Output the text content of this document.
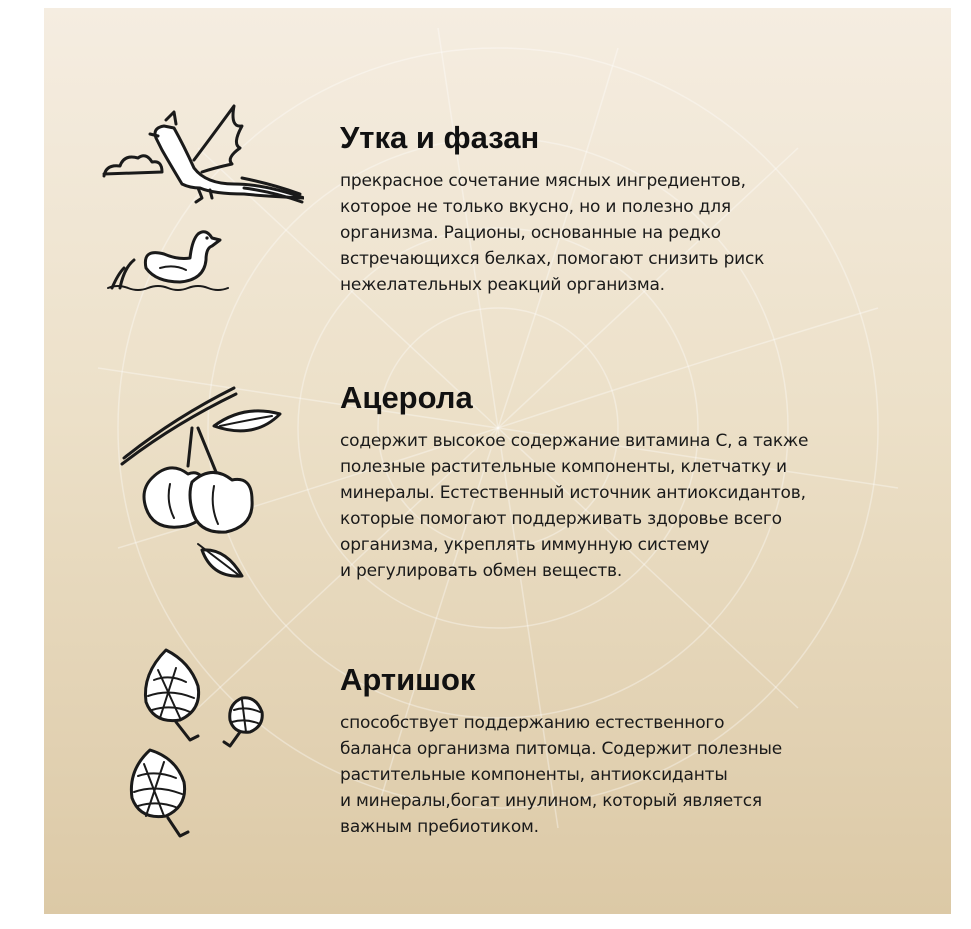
Утка и фазан
прекрасное сочетание мясных ингредиентов,
которое не только вкусно, но и полезно для
организма. Рационы, основанные на редко
встречающихся белках, помогают снизить риск
нежелательных реакций организма.
Ацерола
содержит высокое содержание витамина С, а также
полезные растительные компоненты, клетчатку и
минералы. Естественный источник антиоксидантов,
которые помогают поддерживать здоровье всего
организма, укреплять иммунную систему
и регулировать обмен веществ.
Артишок
способствует поддержанию естественного
баланса организма питомца. Содержит полезные
растительные компоненты, антиоксиданты
и минералы,богат инулином, который является
важным пребиотиком.
